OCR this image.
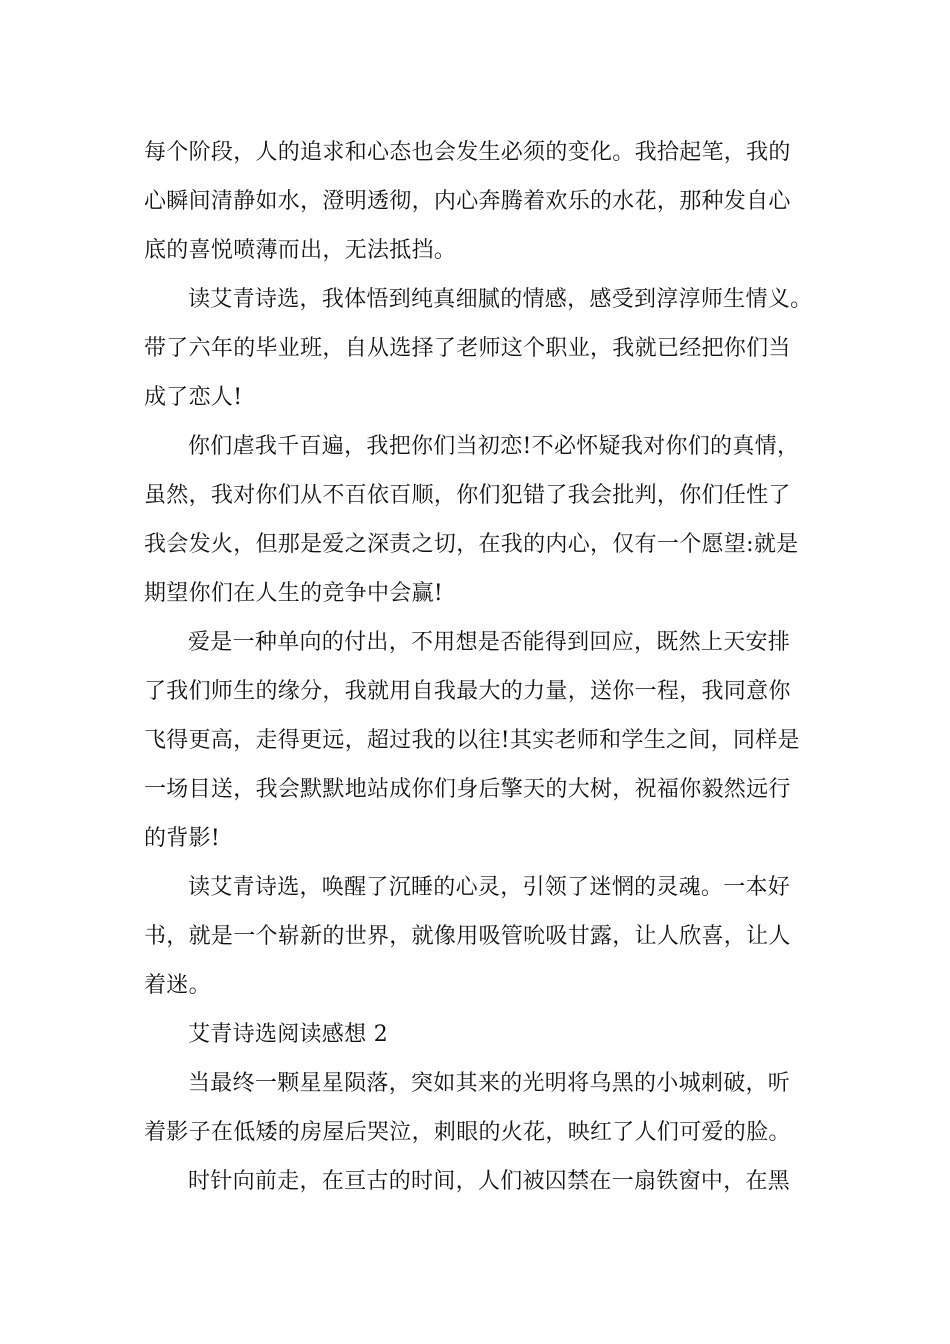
每个阶段，人的追求和心态也会发生必须的变化。我拾起笔，我的
心瞬间清静如水，澄明透彻，内心奔腾着欢乐的水花，那种发自心
底的喜悦喷薄而出，无法抵挡。

读艾青诗选，我体悟到纯真细腻的情感，感受到淳淳师生情义。
带了六年的毕业班，自从选择了老师这个职业，我就已经把你们当
成了恋人!

你们虐我千百遍，我把你们当初恋!不必怀疑我对你们的真情，
虽然，我对你们从不百依百顺，你们犯错了我会批判，你们任性了
我会发火，但那是爱之深责之切，在我的内心，仅有一个愿望:就是
期望你们在人生的竞争中会赢!

爱是一种单向的付出，不用想是否能得到回应，既然上天安排
了我们师生的缘分，我就用自我最大的力量，送你一程，我同意你
飞得更高，走得更远，超过我的以往!其实老师和学生之间，同样是
一场目送，我会默默地站成你们身后擎天的大树，祝福你毅然远行
的背影!

读艾青诗选，唤醒了沉睡的心灵，引领了迷惘的灵魂。一本好
书，就是一个崭新的世界，就像用吸管吮吸甘露，让人欣喜，让人
着迷。

艾青诗选阅读感想 2

当最终一颗星星陨落，突如其来的光明将乌黑的小城刺破，听
着影子在低矮的房屋后哭泣，刺眼的火花，映红了人们可爱的脸。

时针向前走，在亘古的时间，人们被囚禁在一扇铁窗中，在黑
